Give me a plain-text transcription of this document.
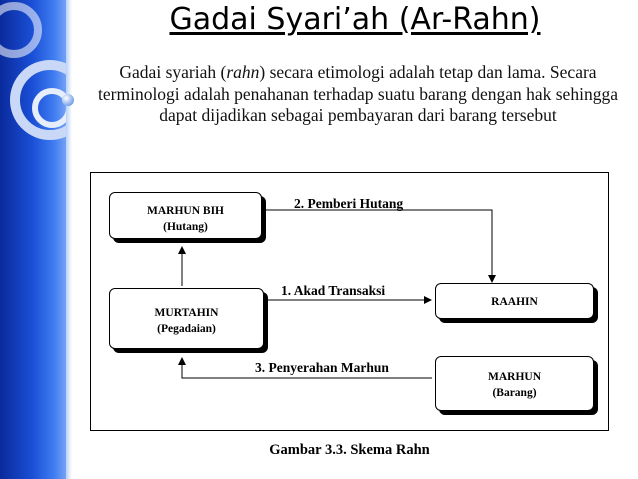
Gadai Syari’ah (Ar-Rahn)
Gadai syariah (rahn) secara etimologi adalah tetap dan lama. Secara terminologi adalah penahanan terhadap suatu barang dengan hak sehingga dapat dijadikan sebagai pembayaran dari barang tersebut
MARHUN BIH
(Hutang)
MURTAHIN
(Pegadaian)
RAAHIN
MARHUN
(Barang)
2. Pemberi Hutang
1. Akad Transaksi
3. Penyerahan Marhun
Gambar 3.3. Skema Rahn
